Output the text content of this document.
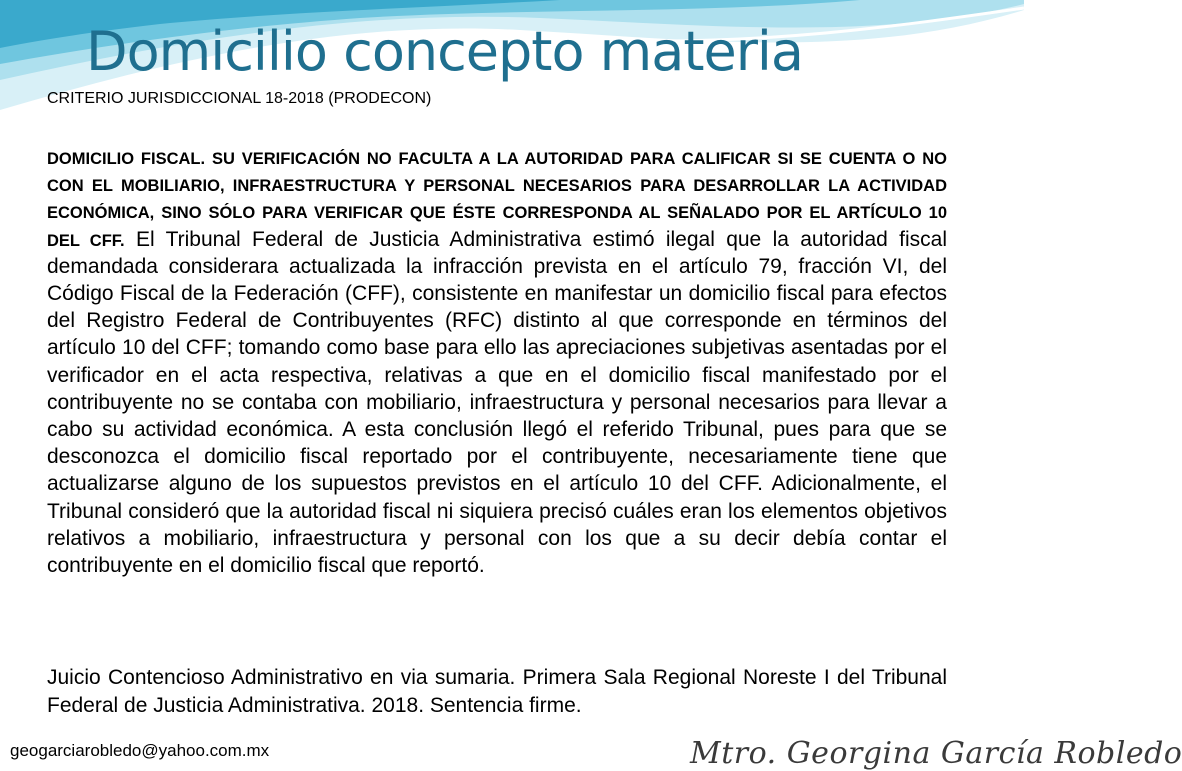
Domicilio concepto materia
CRITERIO JURISDICCIONAL 18-2018 (PRODECON)

DOMICILIO FISCAL. SU VERIFICACIÓN NO FACULTA A LA AUTORIDAD PARA CALIFICAR SI SE CUENTA O NO CON EL MOBILIARIO, INFRAESTRUCTURA Y PERSONAL NECESARIOS PARA DESARROLLAR LA ACTIVIDAD ECONÓMICA, SINO SÓLO PARA VERIFICAR QUE ÉSTE CORRESPONDA AL SEÑALADO POR EL ARTÍCULO 10 DEL CFF. El Tribunal Federal de Justicia Administrativa estimó ilegal que la autoridad fiscal demandada considerara actualizada la infracción prevista en el artículo 79, fracción VI, del Código Fiscal de la Federación (CFF), consistente en manifestar un domicilio fiscal para efectos del Registro Federal de Contribuyentes (RFC) distinto al que corresponde en términos del artículo 10 del CFF; tomando como base para ello las apreciaciones subjetivas asentadas por el verificador en el acta respectiva, relativas a que en el domicilio fiscal manifestado por el contribuyente no se contaba con mobiliario, infraestructura y personal necesarios para llevar a cabo su actividad económica. A esta conclusión llegó el referido Tribunal, pues para que se desconozca el domicilio fiscal reportado por el contribuyente, necesariamente tiene que actualizarse alguno de los supuestos previstos en el artículo 10 del CFF. Adicionalmente, el Tribunal consideró que la autoridad fiscal ni siquiera precisó cuáles eran los elementos objetivos relativos a mobiliario, infraestructura y personal con los que a su decir debía contar el contribuyente en el domicilio fiscal que reportó.

Juicio Contencioso Administrativo en via sumaria. Primera Sala Regional Noreste I del Tribunal Federal de Justicia Administrativa. 2018. Sentencia firme.

geogarciarobledo@yahoo.com.mx	Mtro. Georgina García Robledo
